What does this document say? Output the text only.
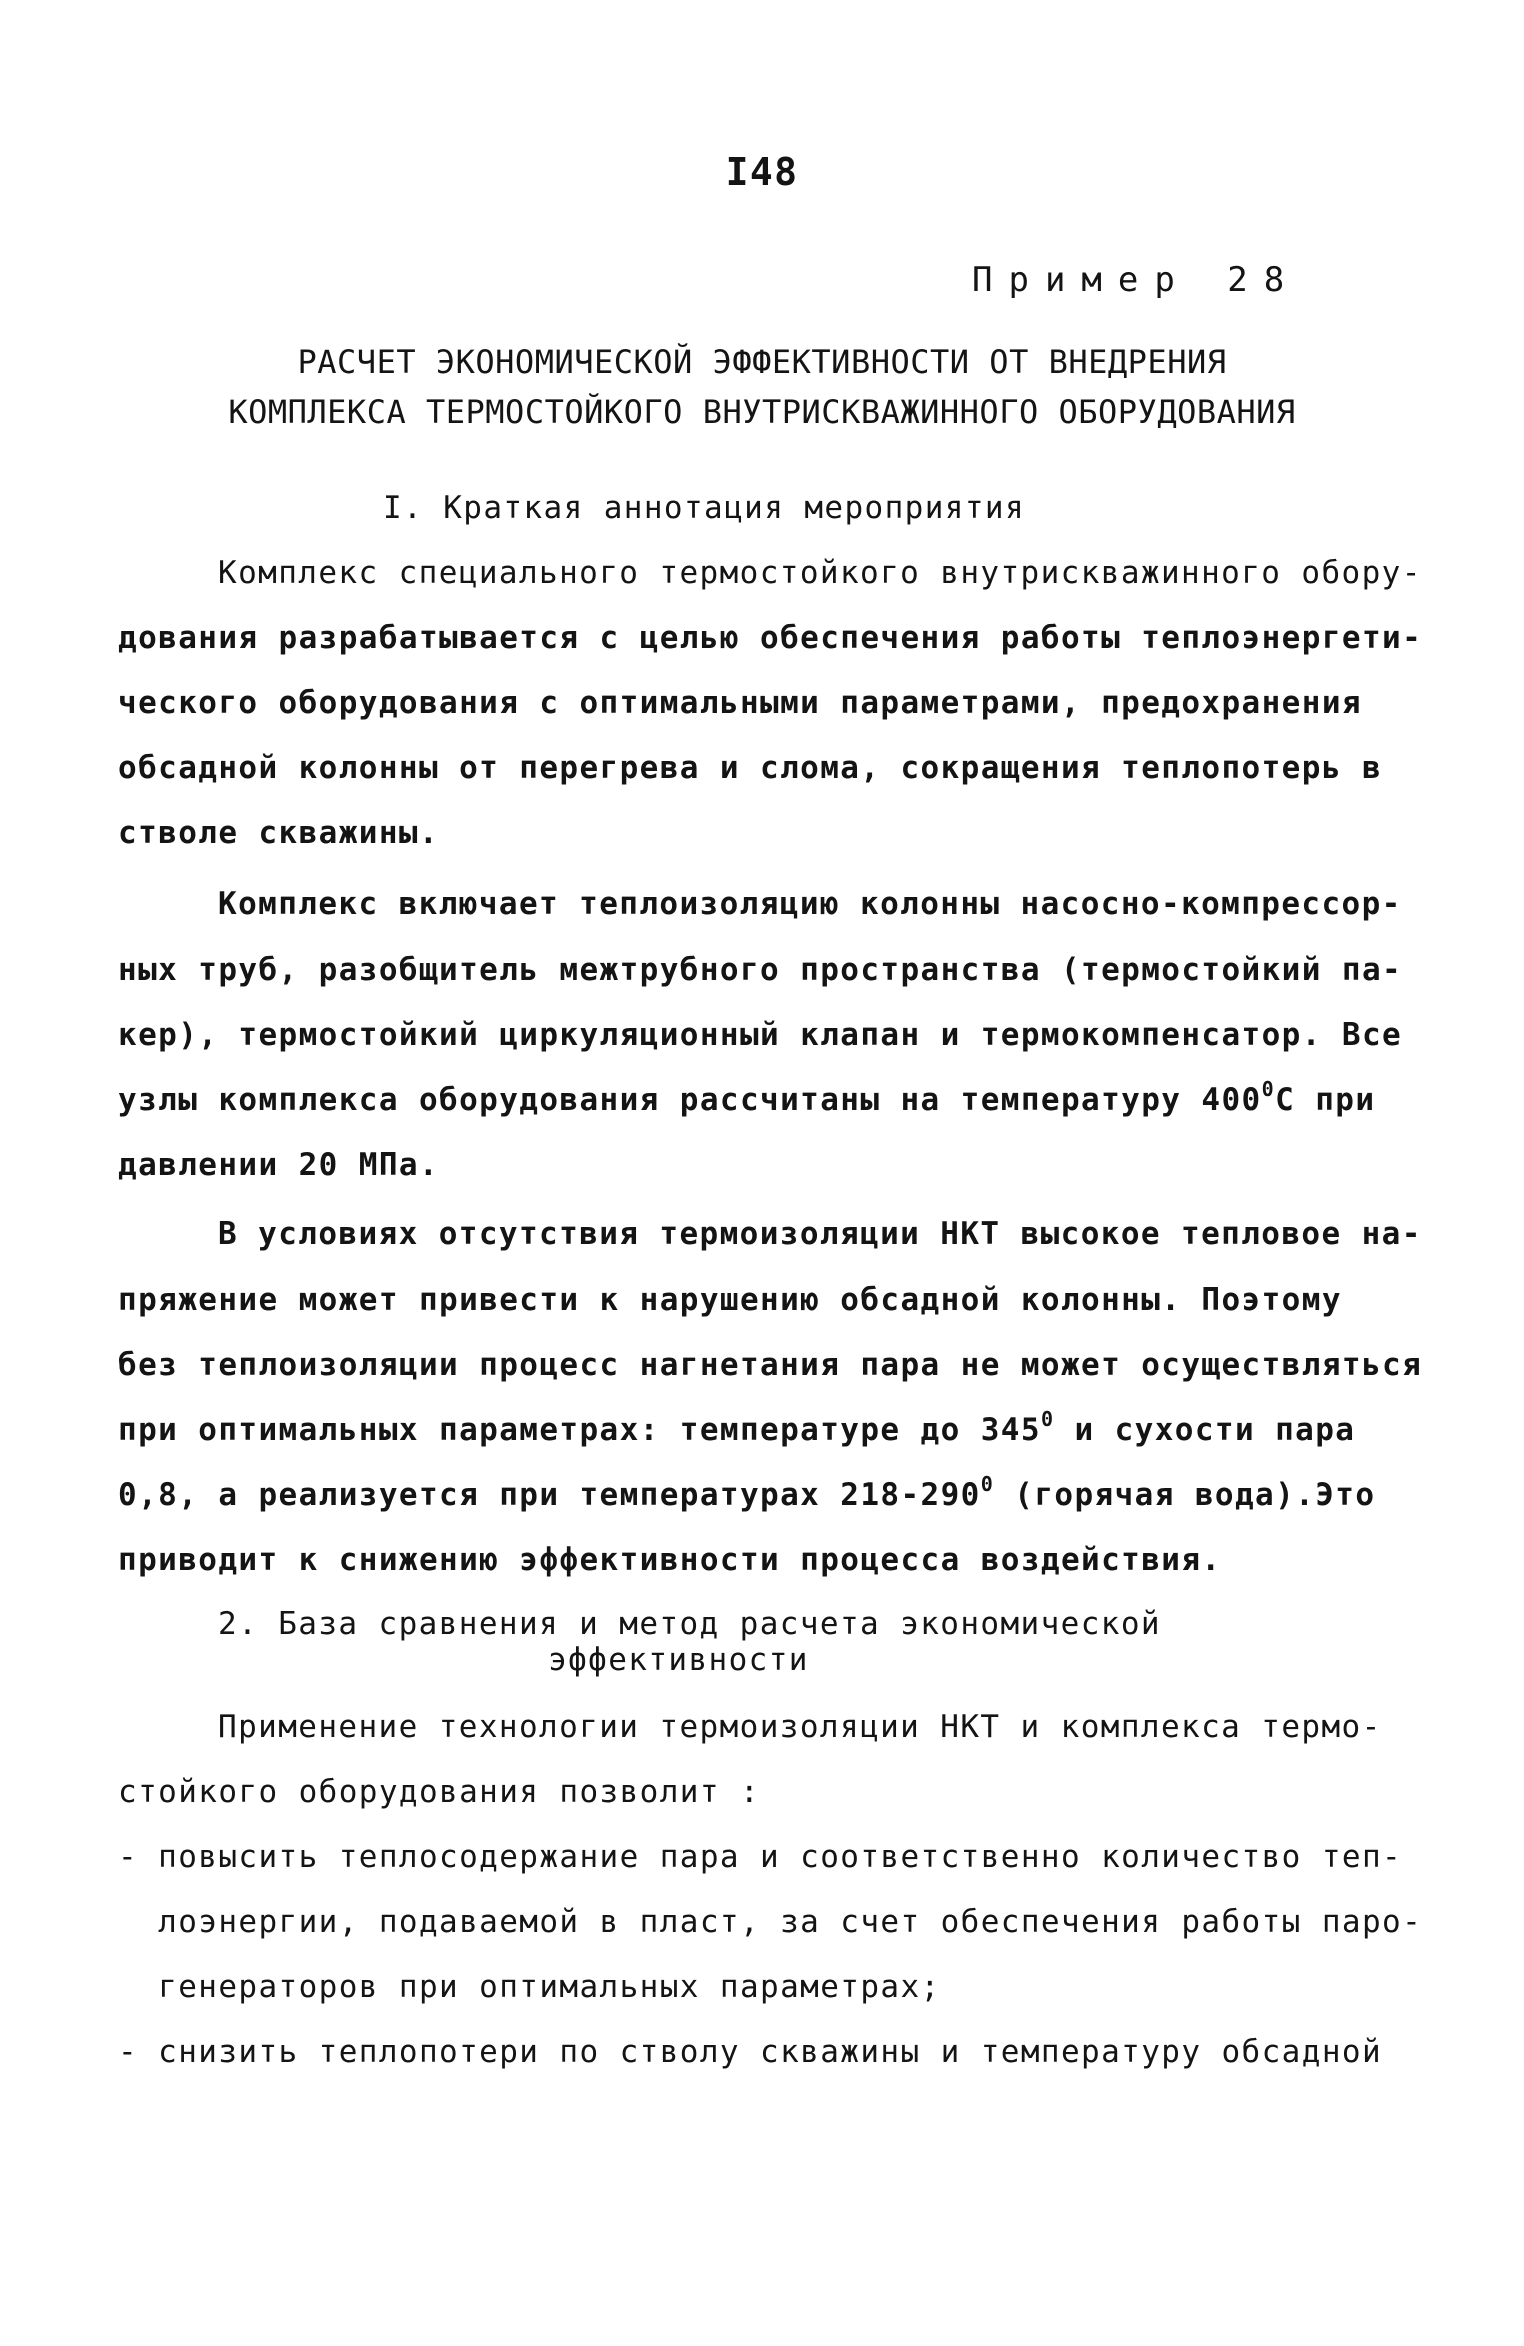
I48
Пример 28
РАСЧЕТ ЭКОНОМИЧЕСКОЙ ЭФФЕКТИВНОСТИ ОТ ВНЕДРЕНИЯ
КОМПЛЕКСА ТЕРМОСТОЙКОГО ВНУТРИСКВАЖИННОГО ОБОРУДОВАНИЯ
I. Краткая аннотация мероприятия
Комплекс специального термостойкого внутрискважинного обору-
дования разрабатывается с целью обеспечения работы теплоэнергети-
ческого оборудования с оптимальными параметрами, предохранения
обсадной колонны от перегрева и слома, сокращения теплопотерь в
стволе скважины.
Комплекс включает теплоизоляцию колонны насосно-компрессор-
ных труб, разобщитель межтрубного пространства (термостойкий па-
кер), термостойкий циркуляционный клапан и термокомпенсатор. Все
узлы комплекса оборудования рассчитаны на температуру $400^0С$ при
давлении 20 МПа.
В условиях отсутствия термоизоляции НКТ высокое тепловое на-
пряжение может привести к нарушению обсадной колонны. Поэтому
без теплоизоляции процесс нагнетания пара не может осуществляться
при оптимальных параметрах: температуре до $345^0$ и сухости пара
0,8, а реализуется при температурах $218-290^0$ (горячая вода).Это
приводит к снижению эффективности процесса воздействия.
2. База сравнения и метод расчета экономической
эффективности
Применение технологии термоизоляции НКТ и комплекса термо-
стойкого оборудования позволит :
- повысить теплосодержание пара и соответственно количество теп-
лоэнергии, подаваемой в пласт, за счет обеспечения работы паро-
генераторов при оптимальных параметрах;
- снизить теплопотери по стволу скважины и температуру обсадной
